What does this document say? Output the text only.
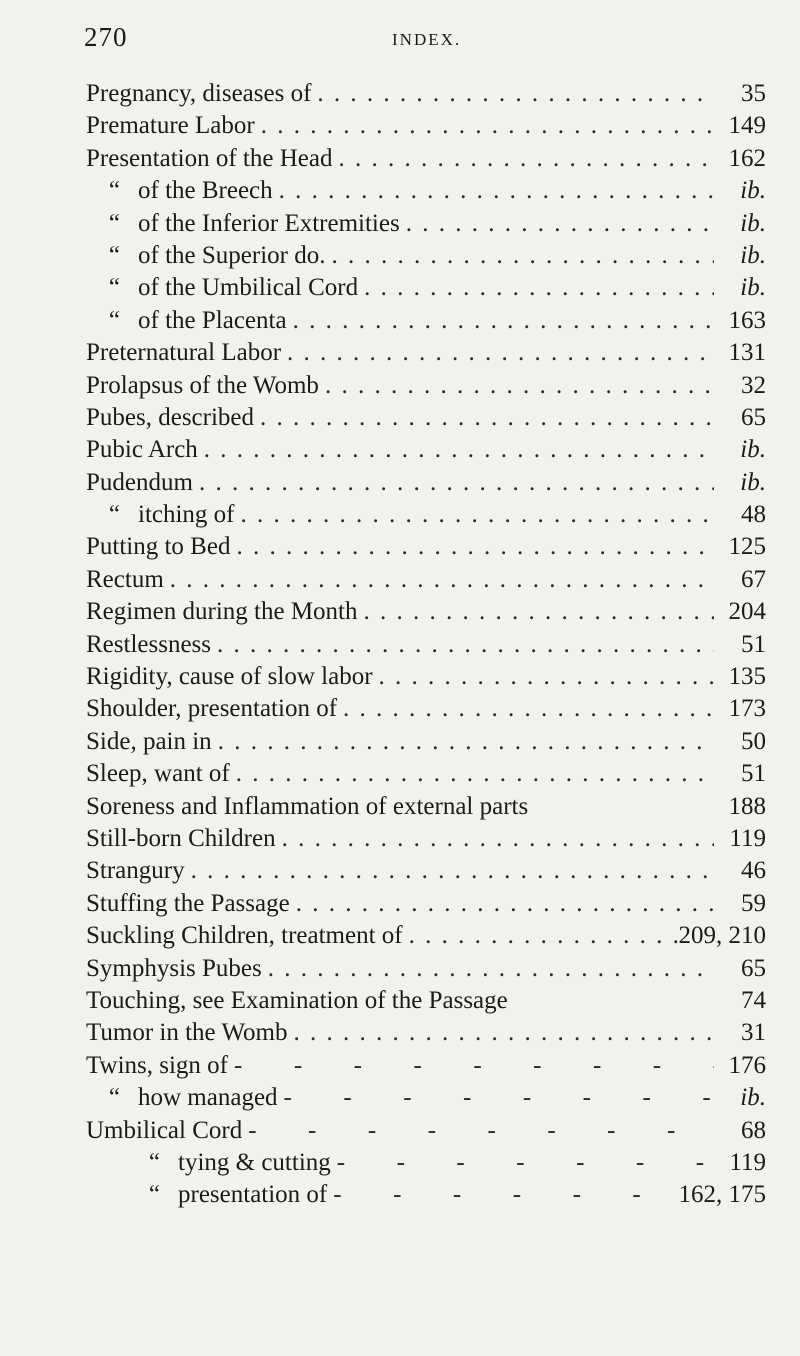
270	INDEX.
Pregnancy, diseases of . . .	35
Premature Labor . . .	149
Presentation of the Head . . .	162
“ of the Breech . . .	ib.
“ of the Inferior Extremities . . .	ib.
“ of the Superior do. . . .	ib.
“ of the Umbilical Cord . . .	ib.
“ of the Placenta . . .	163
Preternatural Labor . . .	131
Prolapsus of the Womb . . .	32
Pubes, described . . .	65
Pubic Arch . . .	ib.
Pudendum . . .	ib.
“ itching of . . .	48
Putting to Bed . . .	125
Rectum . . .	67
Regimen during the Month . . .	204
Restlessness . . .	51
Rigidity, cause of slow labor . . .	135
Shoulder, presentation of . . .	173
Side, pain in . . .	50
Sleep, want of . . .	51
Soreness and Inflammation of external parts	188
Still-born Children . . .	119
Strangury . . .	46
Stuffing the Passage . . .	59
Suckling Children, treatment of . . .	209, 210
Symphysis Pubes . . .	65
Touching, see Examination of the Passage	74
Tumor in the Womb . . .	31
Twins, sign of -	176
“ how managed -	ib.
Umbilical Cord -	68
“ tying & cutting -	119
“ presentation of -	162, 175
